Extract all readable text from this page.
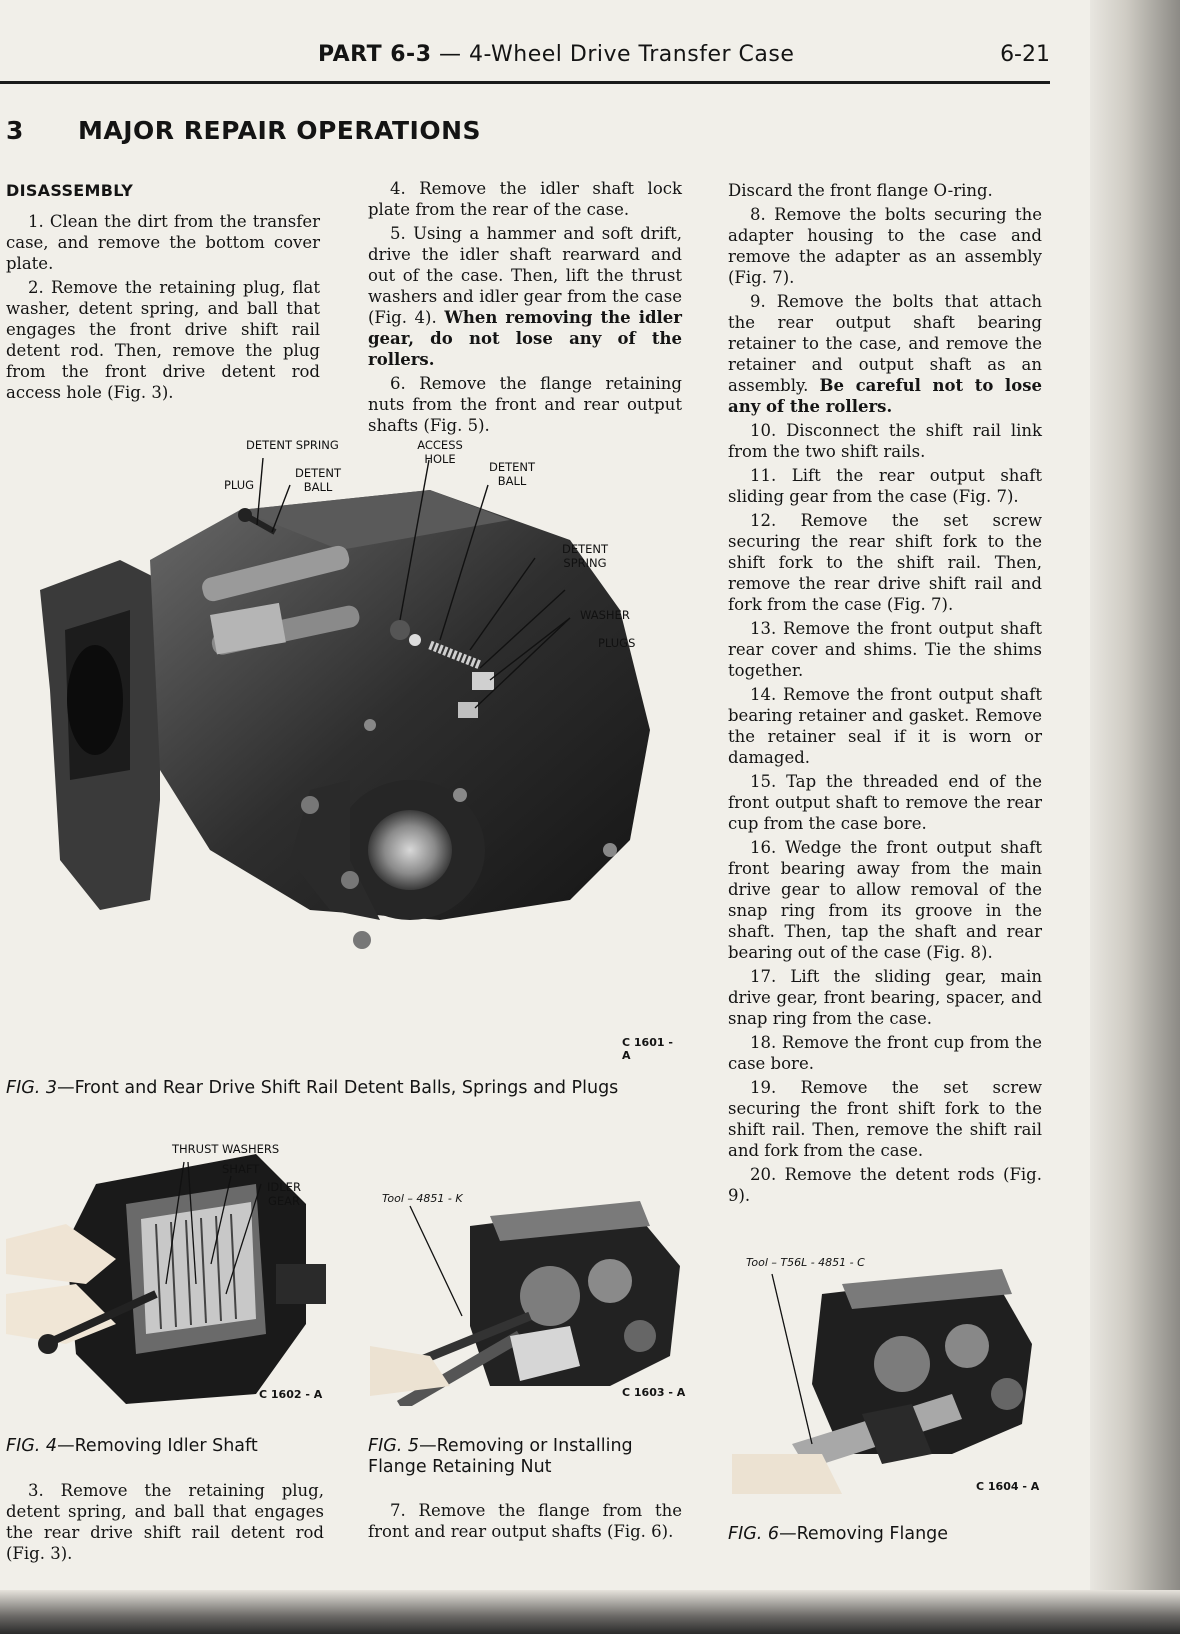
PART 6-3 — 4-Wheel Drive Transfer Case	6-21
3 MAJOR REPAIR OPERATIONS
DISASSEMBLY

1. Clean the dirt from the transfer case, and remove the bottom cover plate.

2. Remove the retaining plug, flat washer, detent spring, and ball that engages the front drive shift rail detent rod. Then, remove the plug from the front drive detent rod access hole (Fig. 3).

4. Remove the idler shaft lock plate from the rear of the case.

5. Using a hammer and soft drift, drive the idler shaft rearward and out of the case. Then, lift the thrust washers and idler gear from the case (Fig. 4). When removing the idler gear, do not lose any of the rollers.

6. Remove the flange retaining nuts from the front and rear output shafts (Fig. 5).

Discard the front flange O-ring.

8. Remove the bolts securing the adapter housing to the case and remove the adapter as an assembly (Fig. 7).

9. Remove the bolts that attach the rear output shaft bearing retainer to the case, and remove the retainer and output shaft as an assembly. Be careful not to lose any of the rollers.

10. Disconnect the shift rail link from the two shift rails.

11. Lift the rear output shaft sliding gear from the case (Fig. 7).

12. Remove the set screw securing the rear shift fork to the shift fork to the shift rail. Then, remove the rear drive shift rail and fork from the case (Fig. 7).

13. Remove the front output shaft rear cover and shims. Tie the shims together.

14. Remove the front output shaft bearing retainer and gasket. Remove the retainer seal if it is worn or damaged.

15. Tap the threaded end of the front output shaft to remove the rear cup from the case bore.

16. Wedge the front output shaft front bearing away from the main drive gear to allow removal of the snap ring from its groove in the shaft. Then, tap the shaft and rear bearing out of the case (Fig. 8).

17. Lift the sliding gear, main drive gear, front bearing, spacer, and snap ring from the case.

18. Remove the front cup from the case bore.

19. Remove the set screw securing the front shift fork to the shift rail. Then, remove the shift rail and fork from the case.

20. Remove the detent rods (Fig. 9).

DETENT SPRING
DETENT BALL
PLUG
ACCESS HOLE
DETENT BALL
DETENT SPRING
WASHER
PLUGS
C 1601 - A
FIG. 3—Front and Rear Drive Shift Rail Detent Balls, Springs and Plugs
THRUST WASHERS
SHAFT
IDLER GEAR
C 1602 - A
FIG. 4—Removing Idler Shaft
Tool – 4851 - K
C 1603 - A
FIG. 5—Removing or Installing Flange Retaining Nut
Tool – T56L - 4851 - C
C 1604 - A
FIG. 6—Removing Flange

3. Remove the retaining plug, detent spring, and ball that engages the rear drive shift rail detent rod (Fig. 3).

7. Remove the flange from the front and rear output shafts (Fig. 6).
